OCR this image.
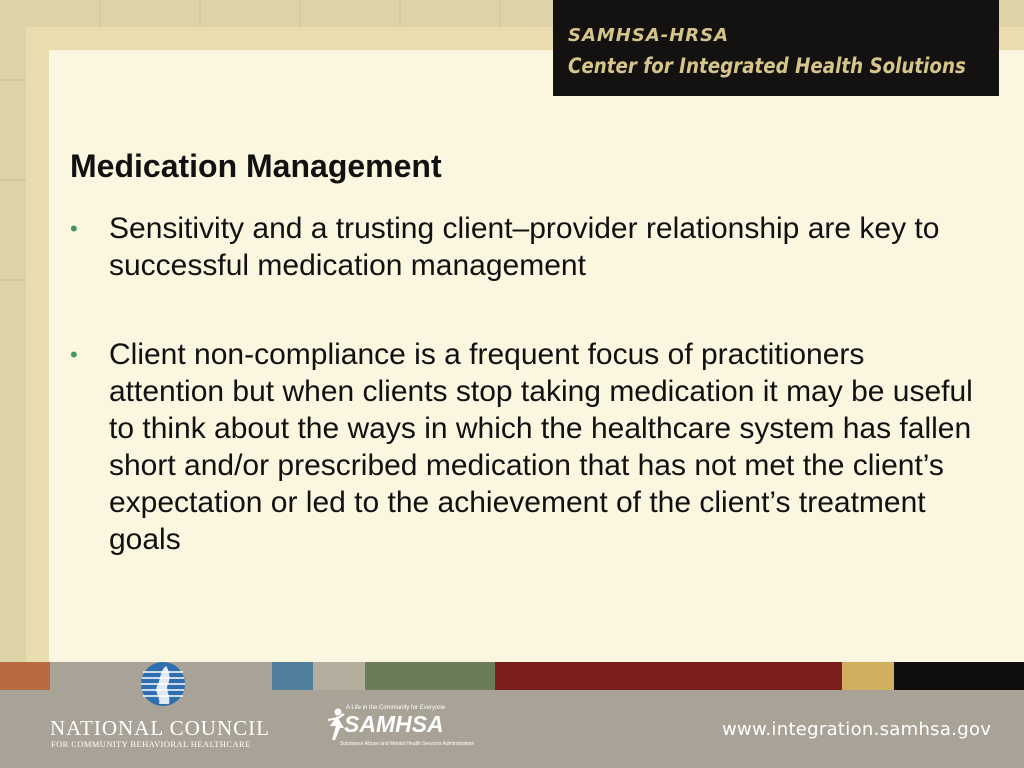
SAMHSA-HRSA
Center for Integrated Health Solutions
Medication Management
• Sensitivity and a trusting client–provider relationship are key to successful medication management
• Client non-compliance is a frequent focus of practitioners attention but when clients stop taking medication it may be useful to think about the ways in which the healthcare system has fallen short and/or prescribed medication that has not met the client’s expectation or led to the achievement of the client’s treatment goals
NATIONAL COUNCIL
FOR COMMUNITY BEHAVIORAL HEALTHCARE
A Life in the Community for Everyone
SAMHSA
Substance Abuse and Mental Health Services Administration
www.integration.samhsa.gov
